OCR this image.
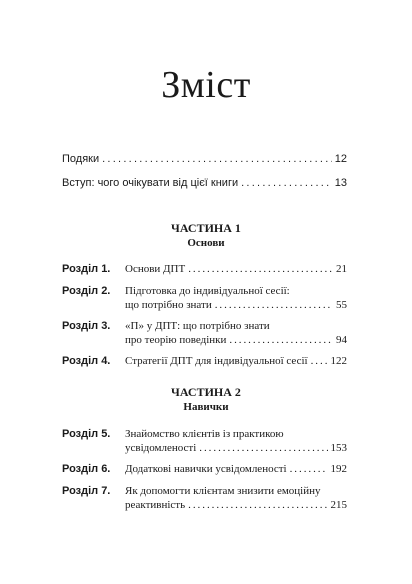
Зміст
Подяки . . .	12
Вступ: чого очікувати від цієї книги . . .	13
ЧАСТИНА 1
Основи
Розділ 1. Основи ДПТ . . .	21
Розділ 2. Підготовка до індивідуальної сесії:
що потрібно знати . . .	55
Розділ 3. «П» у ДПТ: що потрібно знати
про теорію поведінки . . .	94
Розділ 4. Стратегії ДПТ для індивідуальної сесії . . . 122
ЧАСТИНА 2
Навички
Розділ 5. Знайомство клієнтів із практикою
усвідомленості . . .	153
Розділ 6. Додаткові навички усвідомленості . . .	192
Розділ 7. Як допомогти клієнтам знизити емоційну
реактивність . . .	215
